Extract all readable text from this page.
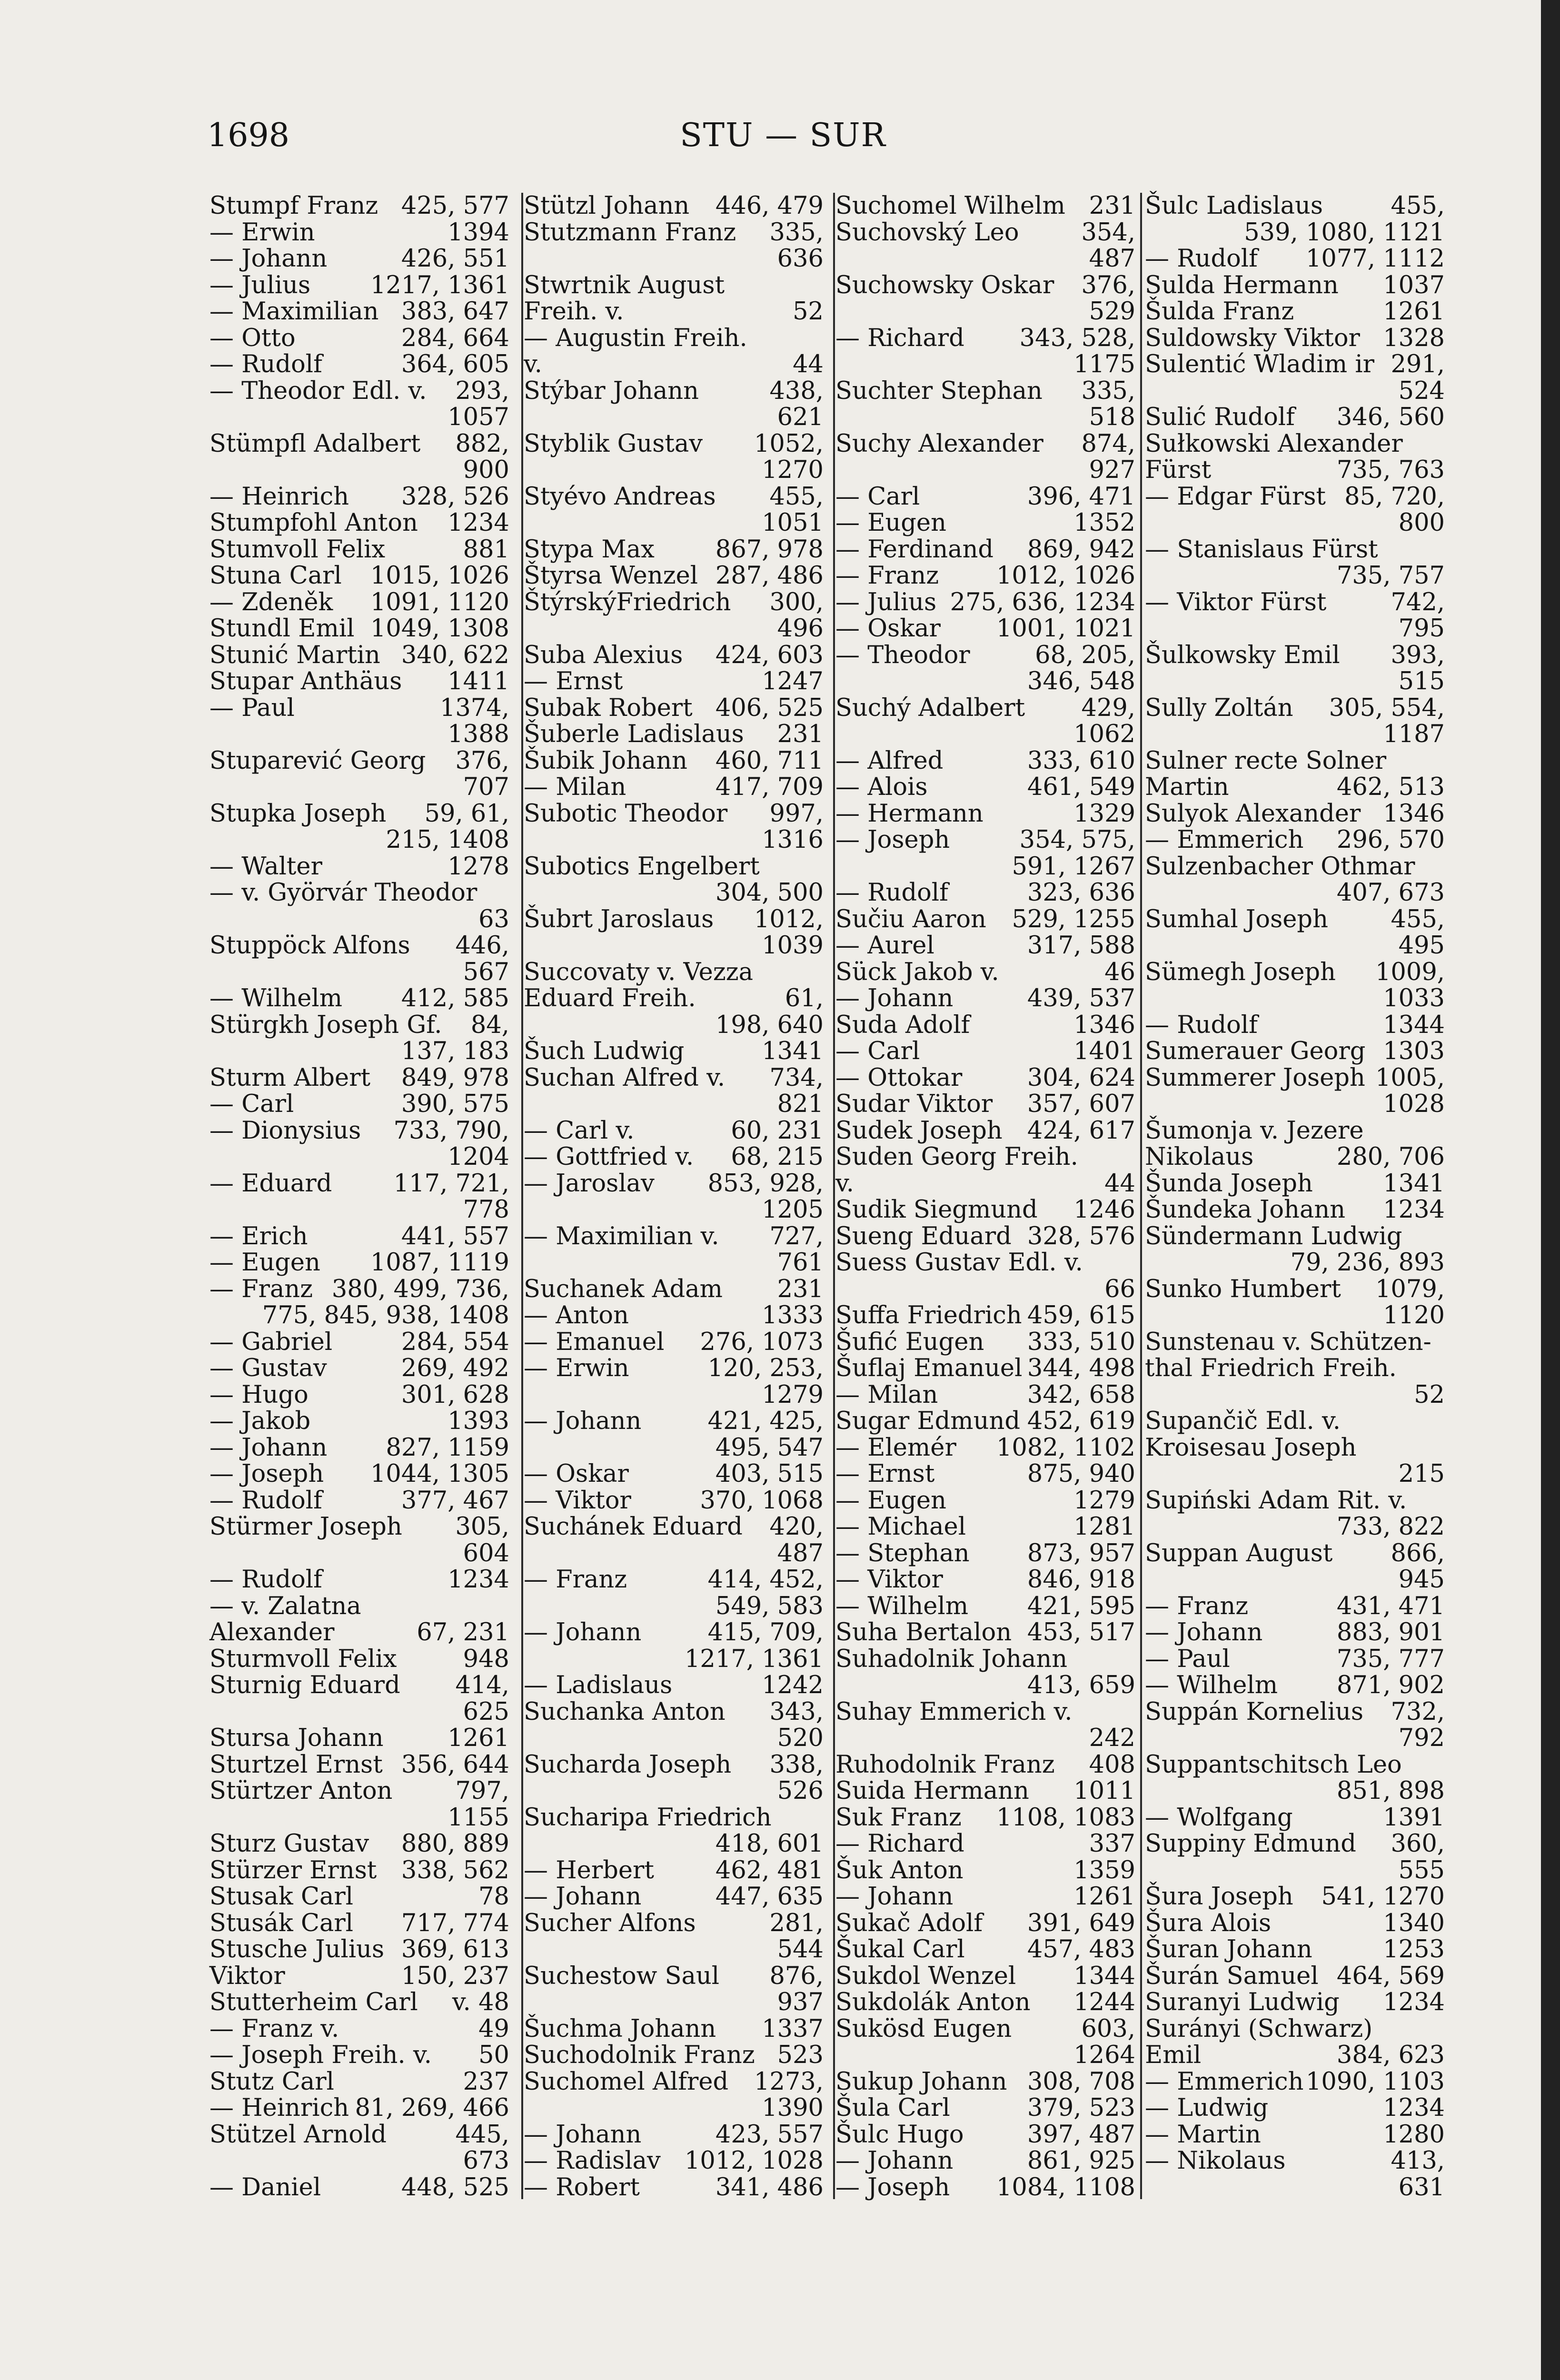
1698	STU — SUR
Stumpf Franz 425, 577
— Erwin	1394
— Johann	426, 551
— Julius	1217, 1361
— Maximilian 383, 647
— Otto	284, 664
— Rudolf	364, 605
— Theodor Edl. v.	293,
1057
Stümpfl Adalbert	882,
900
— Heinrich	328, 526
Stumpfohl Anton	1234
Stumvoll Felix	881
Stuna Carl	1015, 1026
— Zdeněk	1091, 1120
Stundl Emil 1049, 1308
Stunić Martin 340, 622
Stupar Anthäus	1411
— Paul	1374,
1388
Stuparević Georg	376,
707
Stupka Joseph	59, 61,
215, 1408
— Walter	1278
— v. Györvár Theodor
63
Stuppöck Alfons	446,
567
— Wilhelm	412, 585
Stürgkh Joseph Gf.	84,
137, 183
Sturm Albert	849, 978
— Carl	390, 575
— Dionysius	733, 790,
1204
— Eduard	117, 721,
778
— Erich	441, 557
— Eugen	1087, 1119
— Franz 380, 499, 736,
775, 845, 938, 1408
— Gabriel	284, 554
— Gustav	269, 492
— Hugo	301, 628
— Jakob	1393
— Johann	827, 1159
— Joseph	1044, 1305
— Rudolf	377, 467
Stürmer Joseph	305,
604
— Rudolf	1234
— v. Zalatna
Alexander	67, 231
Sturmvoll Felix	948
Sturnig Eduard	414,
625
Stursa Johann	1261
Sturtzel Ernst 356, 644
Stürtzer Anton	797,
1155
Sturz Gustav	880, 889
Stürzer Ernst	338, 562
Stusak Carl	78
Stusák Carl	717, 774
Stusche Julius 369, 613
Viktor	150, 237
Stutterheim Carl	v. 48
— Franz v.	49
— Joseph Freih. v.	50
Stutz Carl	237
— Heinrich 81, 269, 466
Stützel Arnold	445,
673
— Daniel	448, 525
Stützl Johann	446, 479
Stutzmann Franz	335,
636
Stwrtnik August
Freih. v.	52
— Augustin Freih.
v.	44
Stýbar Johann	438,
621
Styblik Gustav	1052,
1270
Styévo Andreas	455,
1051
Stypa Max	867, 978
Štyrsa Wenzel 287, 486
ŠtýrskýFriedrich	300,
496
Suba Alexius	424, 603
— Ernst	1247
Subak Robert 406, 525
Šuberle Ladislaus	231
Šubik Johann	460, 711
— Milan	417, 709
Subotic Theodor	997,
1316
Subotics Engelbert
304, 500
Šubrt Jaroslaus	1012,
1039
Succovaty v. Vezza
Eduard Freih.	61,
198, 640
Šuch Ludwig	1341
Suchan Alfred v.	734,
821
— Carl v.	60, 231
— Gottfried v.	68, 215
— Jaroslav	853, 928,
1205
— Maximilian v.	727,
761
Suchanek Adam	231
— Anton	1333
— Emanuel	276, 1073
— Erwin	120, 253,
1279
— Johann	421, 425,
495, 547
— Oskar	403, 515
— Viktor	370, 1068
Suchánek Eduard	420,
487
— Franz	414, 452,
549, 583
— Johann	415, 709,
1217, 1361
— Ladislaus	1242
Suchanka Anton	343,
520
Sucharda Joseph	338,
526
Sucharipa Friedrich
418, 601
— Herbert	462, 481
— Johann	447, 635
Sucher Alfons	281,
544
Suchestow Saul	876,
937
Šuchma Johann	1337
Suchodolnik Franz 523
Suchomel Alfred	1273,
1390
— Johann	423, 557
— Radislav 1012, 1028
— Robert	341, 486
Suchomel Wilhelm 231
Suchovský Leo	354,
487
Suchowsky Oskar	376,
529
— Richard	343, 528,
1175
Suchter Stephan	335,
518
Suchy Alexander	874,
927
— Carl	396, 471
— Eugen	1352
— Ferdinand	869, 942
— Franz	1012, 1026
— Julius 275, 636, 1234
— Oskar	1001, 1021
— Theodor	68, 205,
346, 548
Suchý Adalbert	429,
1062
— Alfred	333, 610
— Alois	461, 549
— Hermann	1329
— Joseph	354, 575,
591, 1267
— Rudolf	323, 636
Sučiu Aaron	529, 1255
— Aurel	317, 588
Sück Jakob v.	46
— Johann	439, 537
Suda Adolf	1346
— Carl	1401
— Ottokar	304, 624
Sudar Viktor	357, 607
Sudek Joseph	424, 617
Suden Georg Freih.
v.	44
Sudik Siegmund	1246
Sueng Eduard 328, 576
Suess Gustav Edl. v.
66
Suffa Friedrich 459, 615
Šufić Eugen	333, 510
Šuflaj Emanuel 344, 498
— Milan	342, 658
Sugar Edmund 452, 619
— Elemér	1082, 1102
— Ernst	875, 940
— Eugen	1279
— Michael	1281
— Stephan	873, 957
— Viktor	846, 918
— Wilhelm	421, 595
Suha Bertalon 453, 517
Suhadolnik Johann
413, 659
Suhay Emmerich v.
242
Ruhodolnik Franz	408
Suida Hermann	1011
Suk Franz	1108, 1083
— Richard	337
Šuk Anton	1359
— Johann	1261
Sukač Adolf	391, 649
Šukal Carl	457, 483
Sukdol Wenzel	1344
Sukdolák Anton	1244
Sukösd Eugen	603,
1264
Sukup Johann 308, 708
Šula Carl	379, 523
Šulc Hugo	397, 487
— Johann	861, 925
— Joseph	1084, 1108
Šulc Ladislaus	455,
539, 1080, 1121
— Rudolf	1077, 1112
Sulda Hermann	1037
Šulda Franz	1261
Suldowsky Viktor 1328
Sulentić Wladim ir 291,
524
Sulić Rudolf	346, 560
Sułkowski Alexander
Fürst	735, 763
— Edgar Fürst 85, 720,
800
— Stanislaus Fürst
735, 757
— Viktor Fürst	742,
795
Šulkowsky Emil	393,
515
Sully Zoltán	305, 554,
1187
Sulner recte Solner
Martin	462, 513
Sulyok Alexander 1346
— Emmerich	296, 570
Sulzenbacher Othmar
407, 673
Sumhal Joseph	455,
495
Sümegh Joseph	1009,
1033
— Rudolf	1344
Sumerauer Georg 1303
Summerer Joseph 1005,
1028
Šumonja v. Jezere
Nikolaus	280, 706
Šunda Joseph	1341
Šundeka Johann	1234
Sündermann Ludwig
79, 236, 893
Sunko Humbert	1079,
1120
Sunstenau v. Schützen-
thal Friedrich Freih.
52
Supančič Edl. v.
Kroisesau Joseph
215
Supiński Adam Rit. v.
733, 822
Suppan August	866,
945
— Franz	431, 471
— Johann	883, 901
— Paul	735, 777
— Wilhelm	871, 902
Suppán Kornelius	732,
792
Suppantschitsch Leo
851, 898
— Wolfgang	1391
Suppiny Edmund	360,
555
Šura Joseph	541, 1270
Šura Alois	1340
Šuran Johann	1253
Šurán Samuel 464, 569
Suranyi Ludwig	1234
Surányi (Schwarz)
Emil	384, 623
— Emmerich 1090, 1103
— Ludwig	1234
— Martin	1280
— Nikolaus	413,
631
